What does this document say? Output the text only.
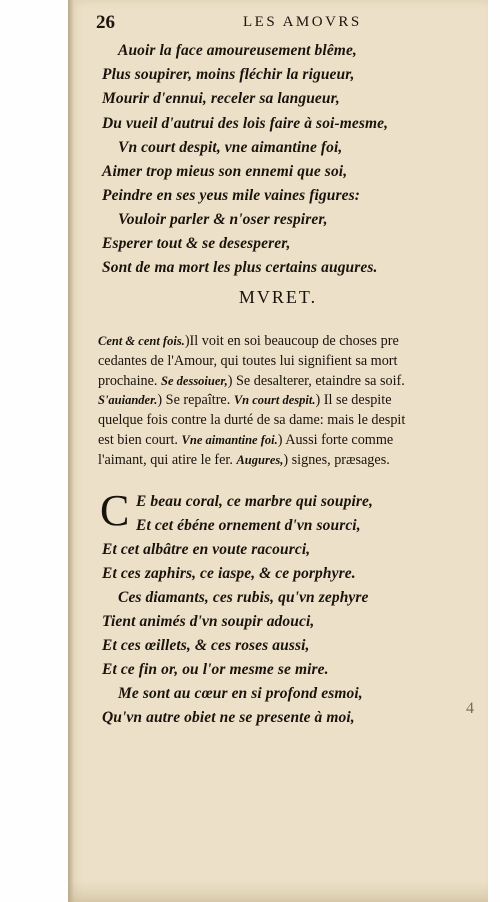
26	LES AMOVRS
Auoir la face amoureusement blême,
Plus soupirer, moins fléchir la rigueur,
Mourir d'ennui, receler sa langueur,
Du vueil d'autrui des lois faire à soi-mesme,
Vn court despit, vne aimantine foi,
Aimer trop mieus son ennemi que soi,
Peindre en ses yeus mile vaines figures:
Vouloir parler & n'oser respirer,
Esperer tout & se desesperer,
Sont de ma mort les plus certains augures.
MVRET.
Cent & cent fois.)Il voit en soi beaucoup de choses pre
cedantes de l'Amour, qui toutes lui signifient sa mort
prochaine. Se dessoiuer,) Se desalterer, etaindre sa soif.
S'auiander.) Se repaître. Vn court despit.) Il se despite
quelque fois contre la durté de sa dame: mais le despit
est bien court. Vne aimantine foi.) Aussi forte comme
l'aimant, qui atire le fer. Augures,) signes, præsages.
C E beau coral, ce marbre qui soupire,
Et cet ébéne ornement d'vn sourci,
Et cet albâtre en voute racourci,
Et ces zaphirs, ce iaspe, & ce porphyre.
Ces diamants, ces rubis, qu'vn zephyre
Tient animés d'vn soupir adouci,
Et ces œillets, & ces roses aussi,
Et ce fin or, ou l'or mesme se mire.
Me sont au cœur en si profond esmoi,
Qu'vn autre obiet ne se presente à moi,
4
